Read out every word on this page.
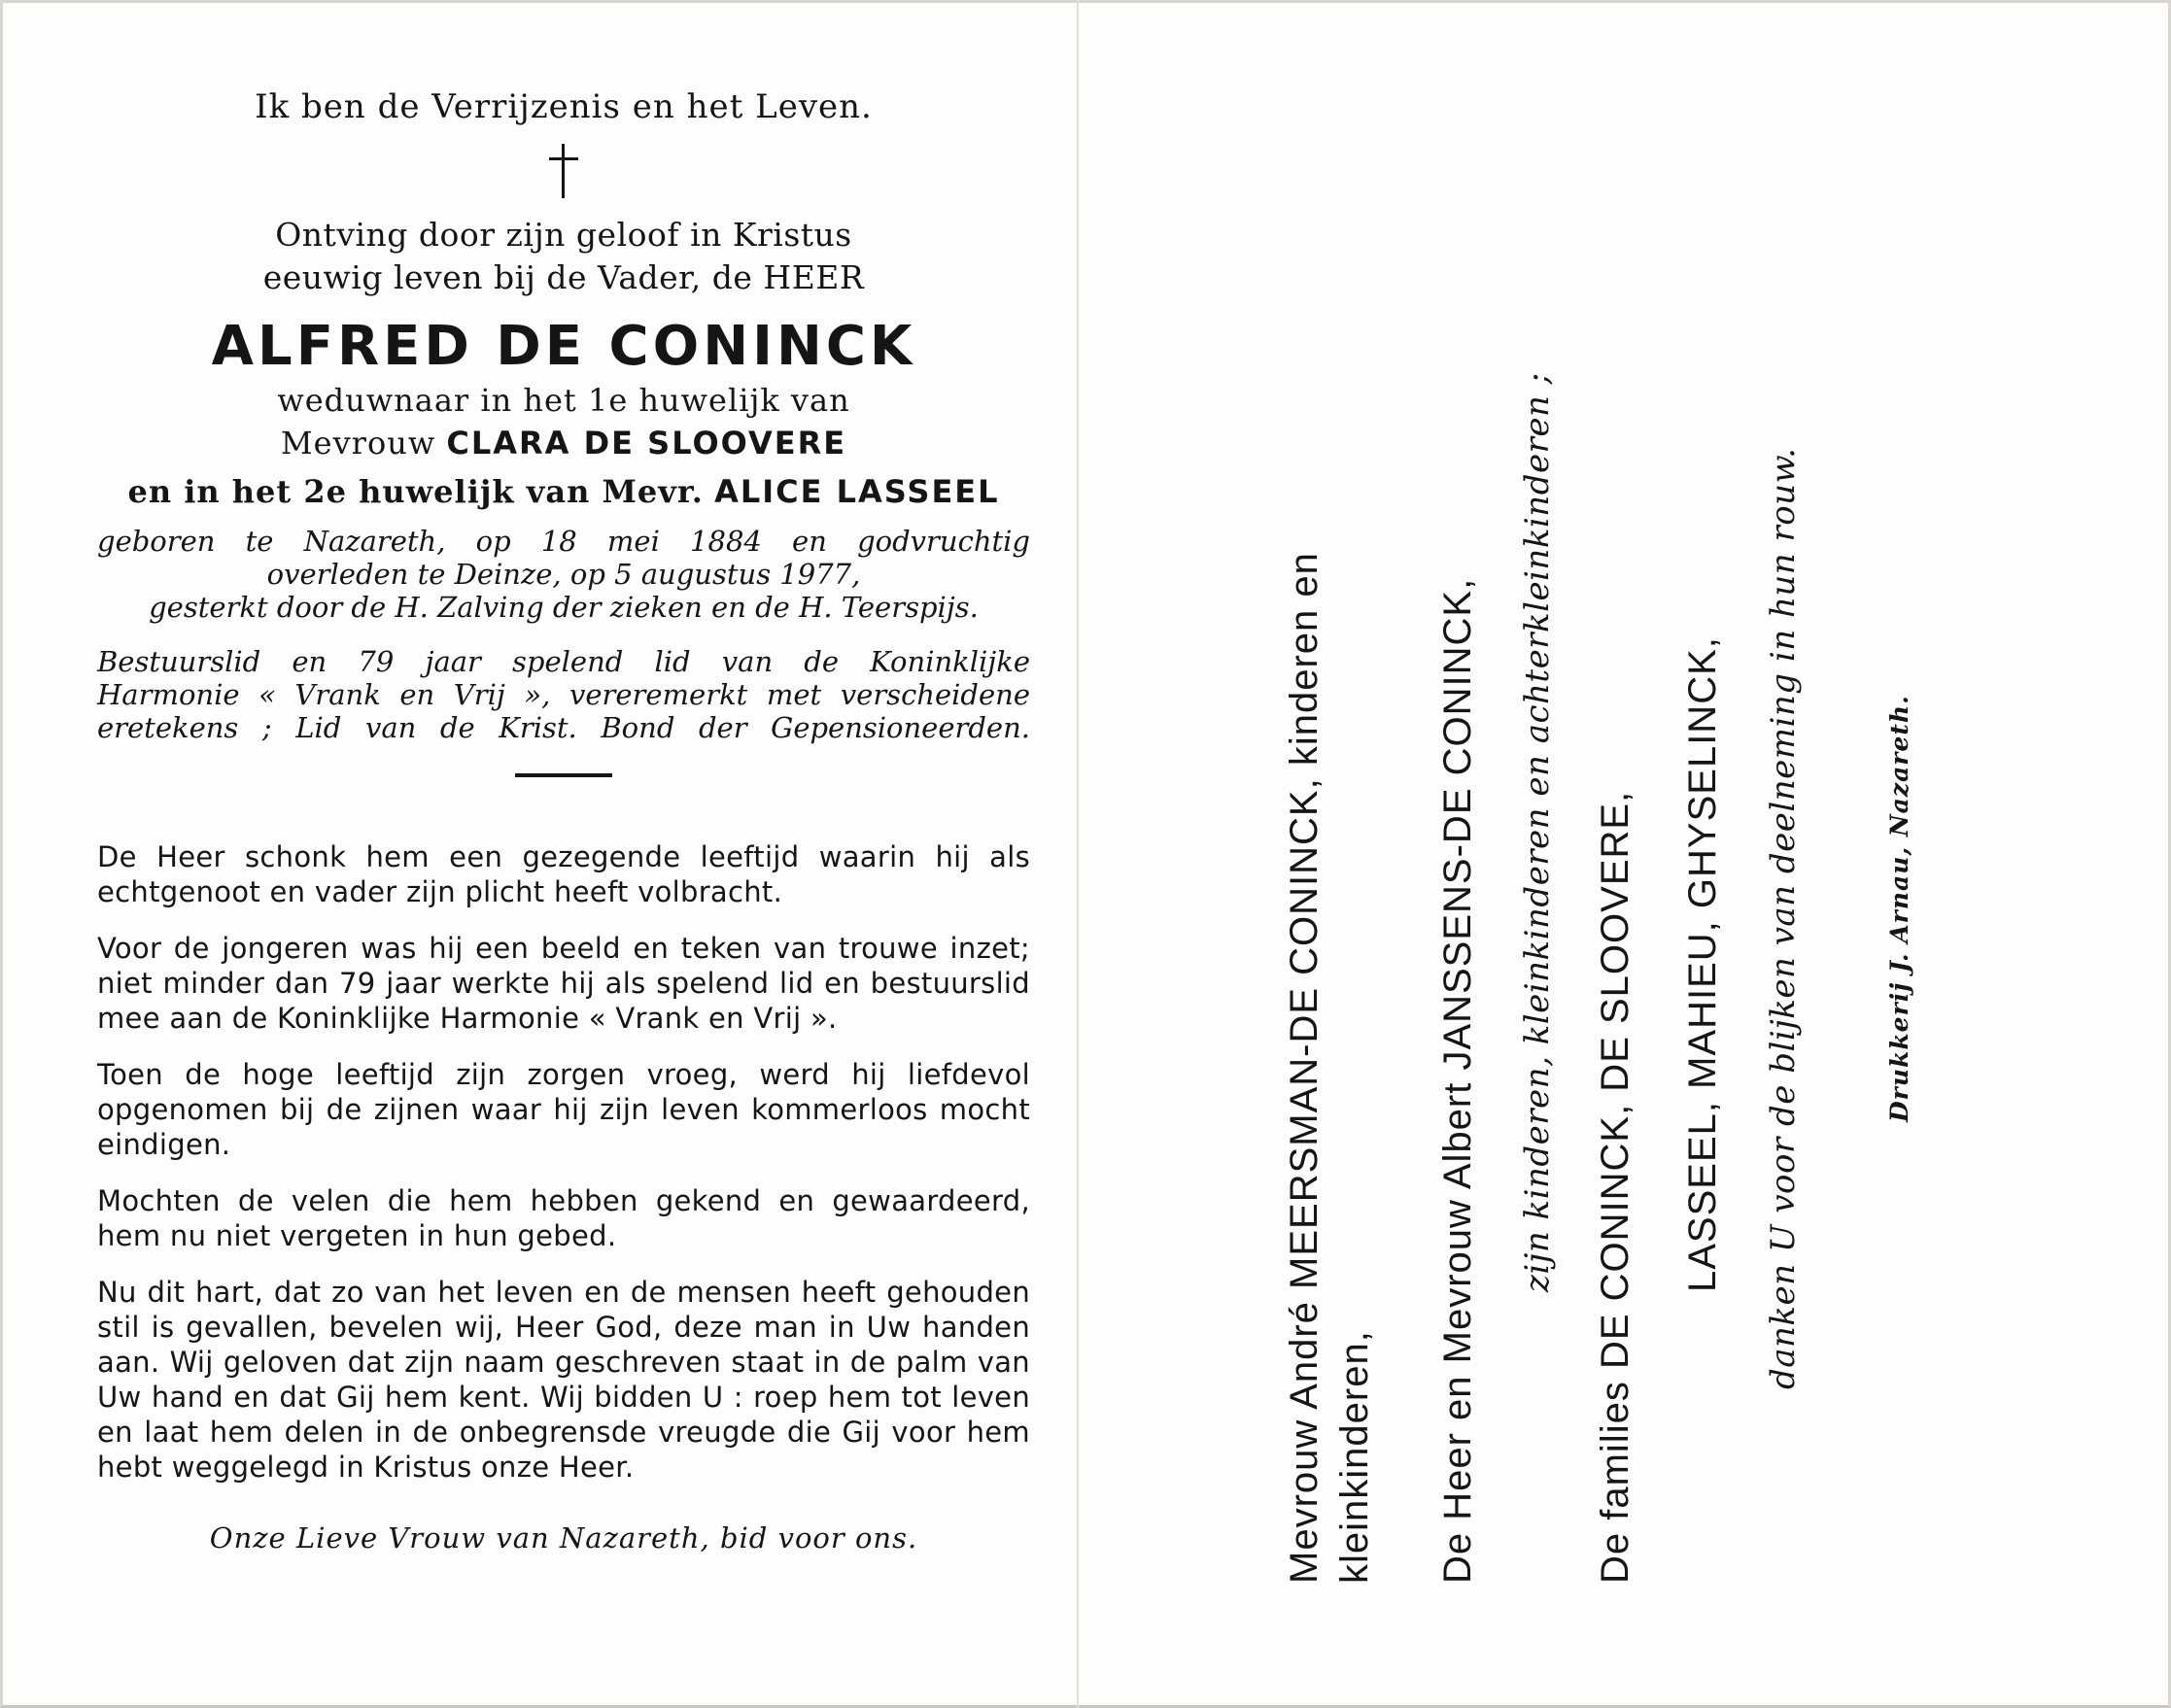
Ik ben de Verrijzenis en het Leven.
Ontving door zijn geloof in Kristus
eeuwig leven bij de Vader, de HEER
ALFRED DE CONINCK
weduwnaar in het 1e huwelijk van
Mevrouw CLARA DE SLOOVERE
en in het 2e huwelijk van Mevr. ALICE LASSEEL
geboren te Nazareth, op 18 mei 1884 en godvruchtig
overleden te Deinze, op 5 augustus 1977,
gesterkt door de H. Zalving der zieken en de H. Teerspijs.
Bestuurslid en 79 jaar spelend lid van de Koninklijke
Harmonie « Vrank en Vrij », vereremerkt met verscheidene
eretekens ; Lid van de Krist. Bond der Gepensioneerden.

De Heer schonk hem een gezegende leeftijd waarin hij als echtgenoot en vader zijn plicht heeft volbracht.

Voor de jongeren was hij een beeld en teken van trouwe inzet; niet minder dan 79 jaar werkte hij als spelend lid en bestuurslid mee aan de Koninklijke Harmonie « Vrank en Vrij ».

Toen de hoge leeftijd zijn zorgen vroeg, werd hij liefdevol opgenomen bij de zijnen waar hij zijn leven kommerloos mocht eindigen.

Mochten de velen die hem hebben gekend en gewaardeerd, hem nu niet vergeten in hun gebed.

Nu dit hart, dat zo van het leven en de mensen heeft gehouden stil is gevallen, bevelen wij, Heer God, deze man in Uw handen aan. Wij geloven dat zijn naam geschreven staat in de palm van Uw hand en dat Gij hem kent. Wij bidden U : roep hem tot leven en laat hem delen in de onbegrensde vreugde die Gij voor hem hebt weggelegd in Kristus onze Heer.

Onze Lieve Vrouw van Nazareth, bid voor ons.	Mevrouw André MEERSMAN-DE CONINCK, kinderen en kleinkinderen, De Heer en Mevrouw Albert JANSSENS-DE CONINCK, zijn kinderen, kleinkinderen en achterkleinkinderen ; De families DE CONINCK, DE SLOOVERE, LASSEEL, MAHIEU, GHYSELINCK, danken U voor de blijken van deelneming in hun rouw.	Drukkerij J. Arnau, Nazareth.
